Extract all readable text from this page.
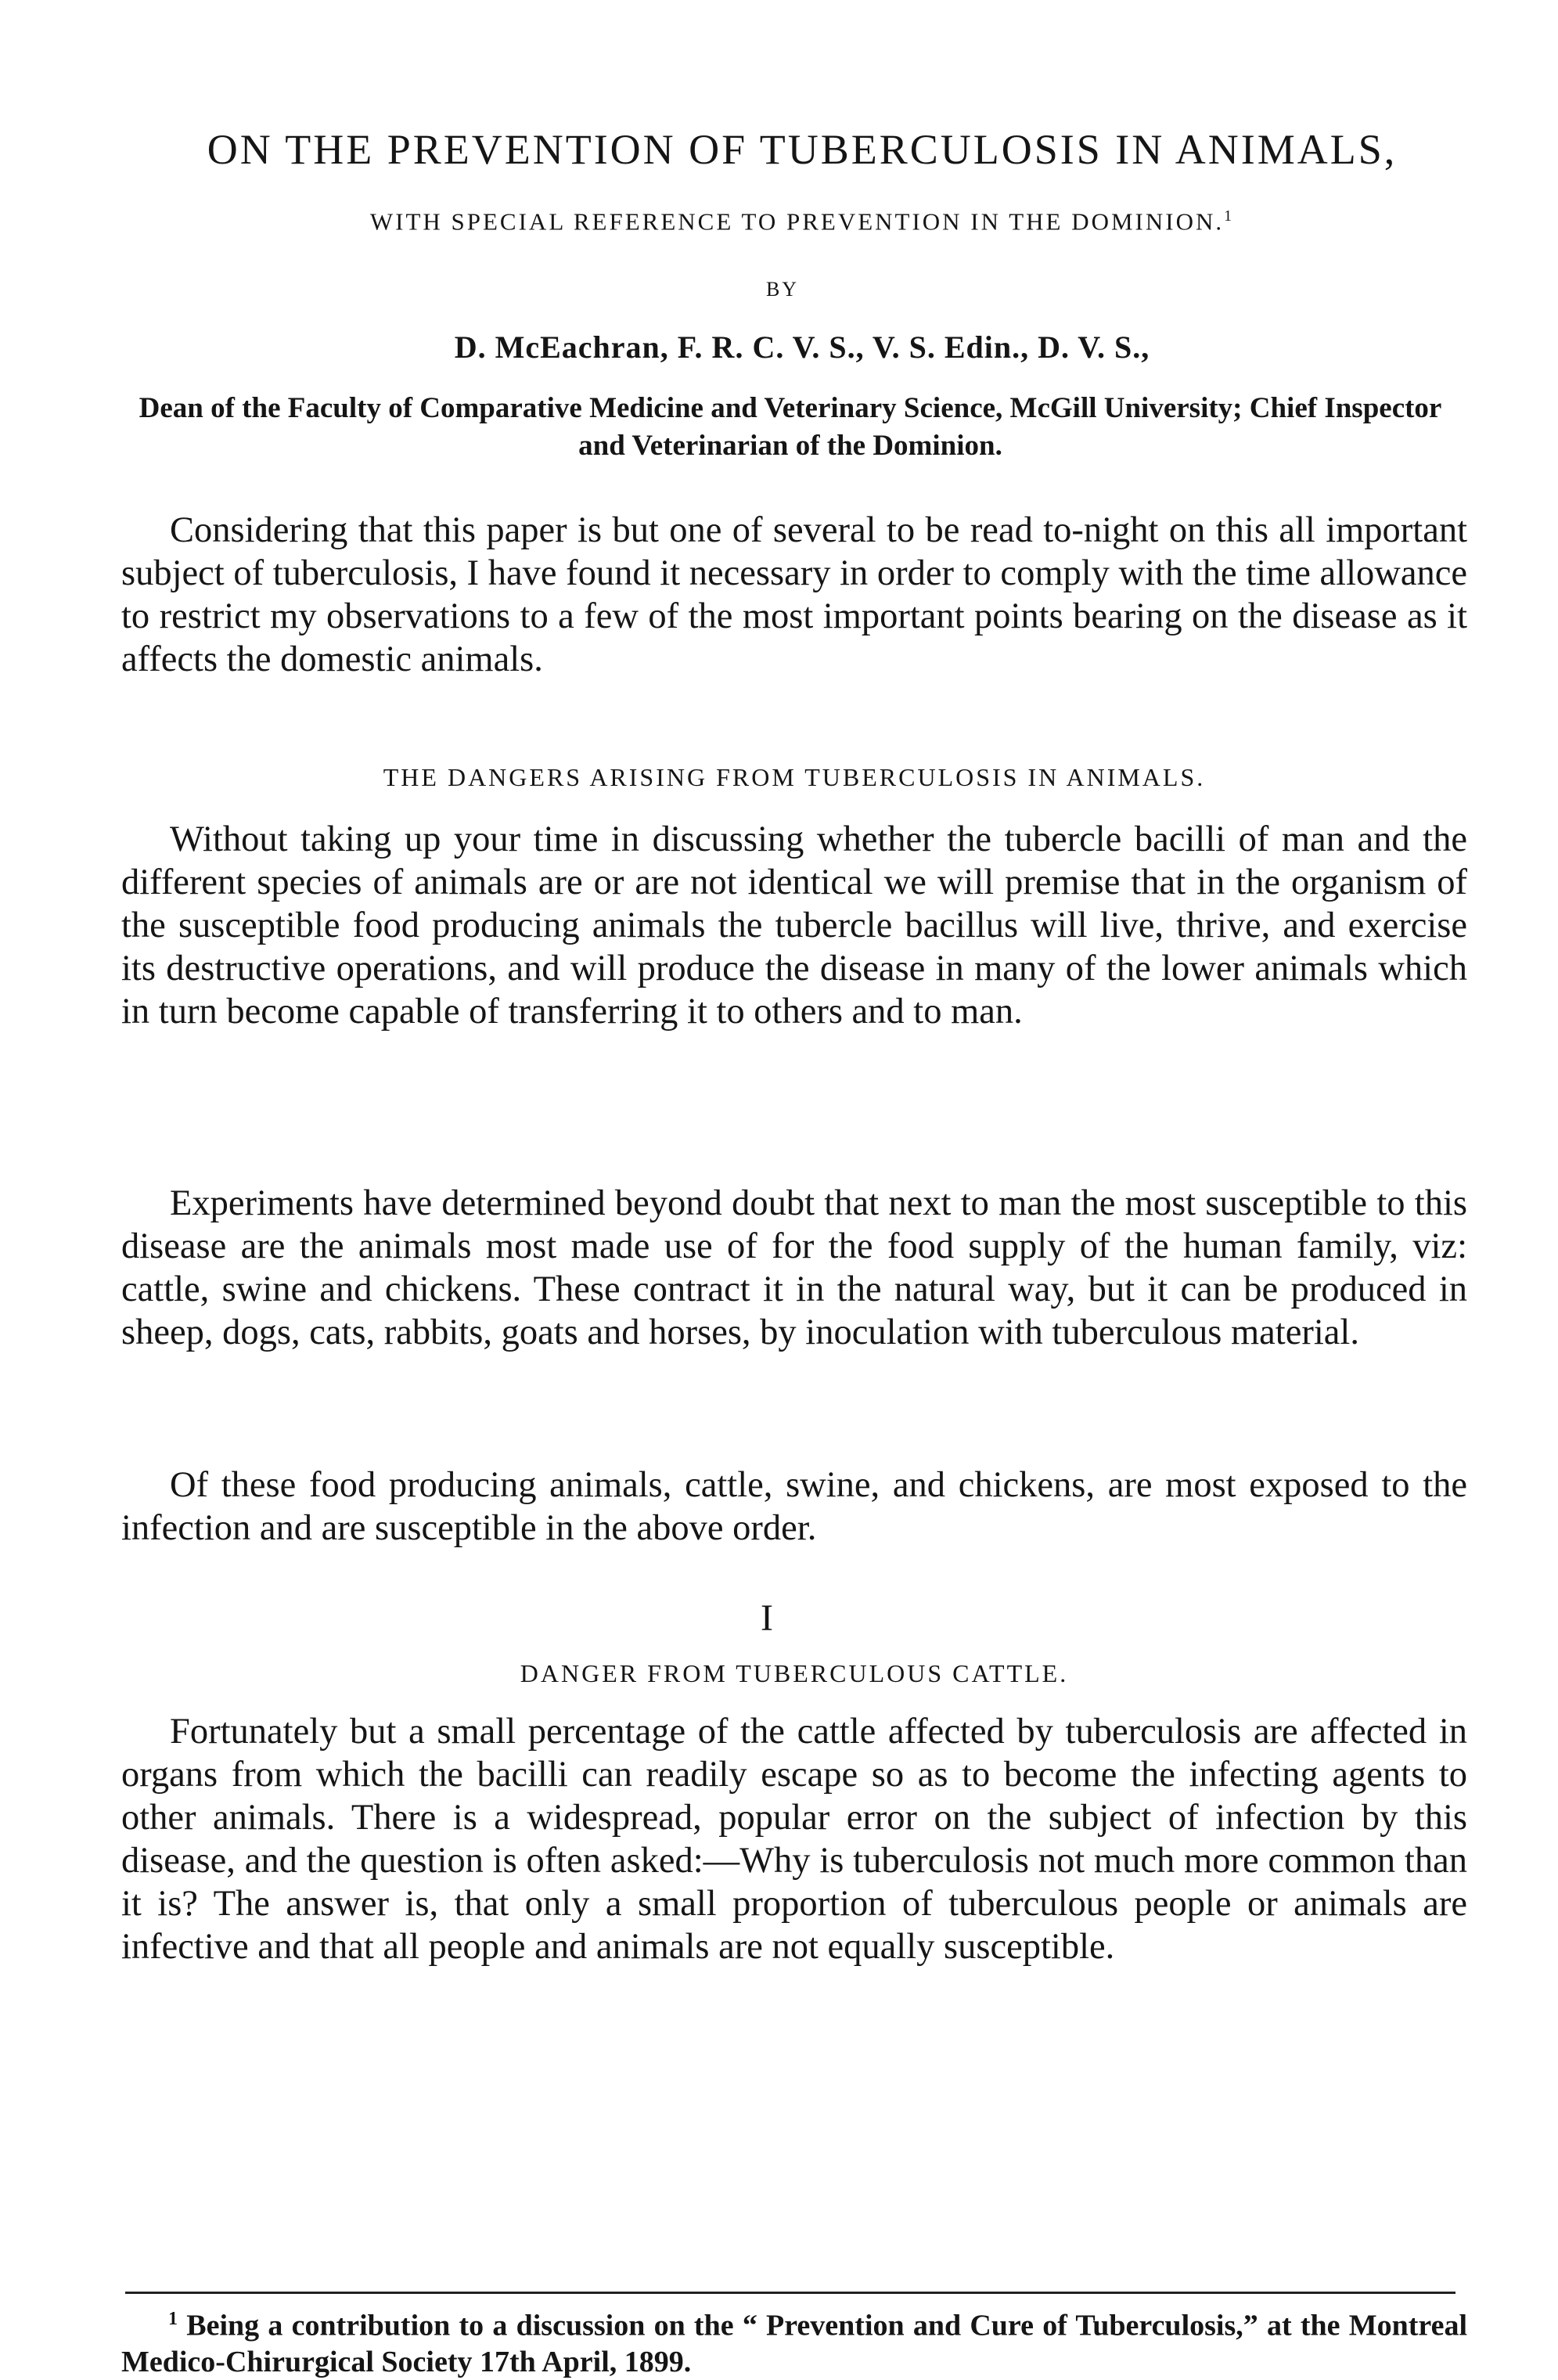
ON THE PREVENTION OF TUBERCULOSIS IN ANIMALS,
WITH SPECIAL REFERENCE TO PREVENTION IN THE DOMINION.$^1$
BY
D. McEachran, F. R. C. V. S., V. S. Edin., D. V. S.,
Dean of the Faculty of Comparative Medicine and Veterinary Science, McGill University; Chief Inspector and Veterinarian of the Dominion.

Considering that this paper is but one of several to be read to-night on this all important subject of tuberculosis, I have found it necessary in order to comply with the time allowance to restrict my observations to a few of the most important points bearing on the disease as it affects the domestic animals.

THE DANGERS ARISING FROM TUBERCULOSIS IN ANIMALS.

Without taking up your time in discussing whether the tubercle bacilli of man and the different species of animals are or are not identical we will premise that in the organism of the susceptible food producing animals the tubercle bacillus will live, thrive, and exercise its destructive operations, and will produce the disease in many of the lower animals which in turn become capable of transferring it to others and to man.

Experiments have determined beyond doubt that next to man the most susceptible to this disease are the animals most made use of for the food supply of the human family, viz: cattle, swine and chickens. These contract it in the natural way, but it can be produced in sheep, dogs, cats, rabbits, goats and horses, by inoculation with tuberculous material.

Of these food producing animals, cattle, swine, and chickens, are most exposed to the infection and are susceptible in the above order.

I
DANGER FROM TUBERCULOUS CATTLE.

Fortunately but a small percentage of the cattle affected by tuberculosis are affected in organs from which the bacilli can readily escape so as to become the infecting agents to other animals. There is a widespread, popular error on the subject of infection by this disease, and the question is often asked:—Why is tuberculosis not much more common than it is? The answer is, that only a small proportion of tuberculous people or animals are infective and that all people and animals are not equally susceptible.

$^1$ Being a contribution to a discussion on the “ Prevention and Cure of Tuberculosis,” at the Montreal Medico-Chirurgical Society 17th April, 1899.
